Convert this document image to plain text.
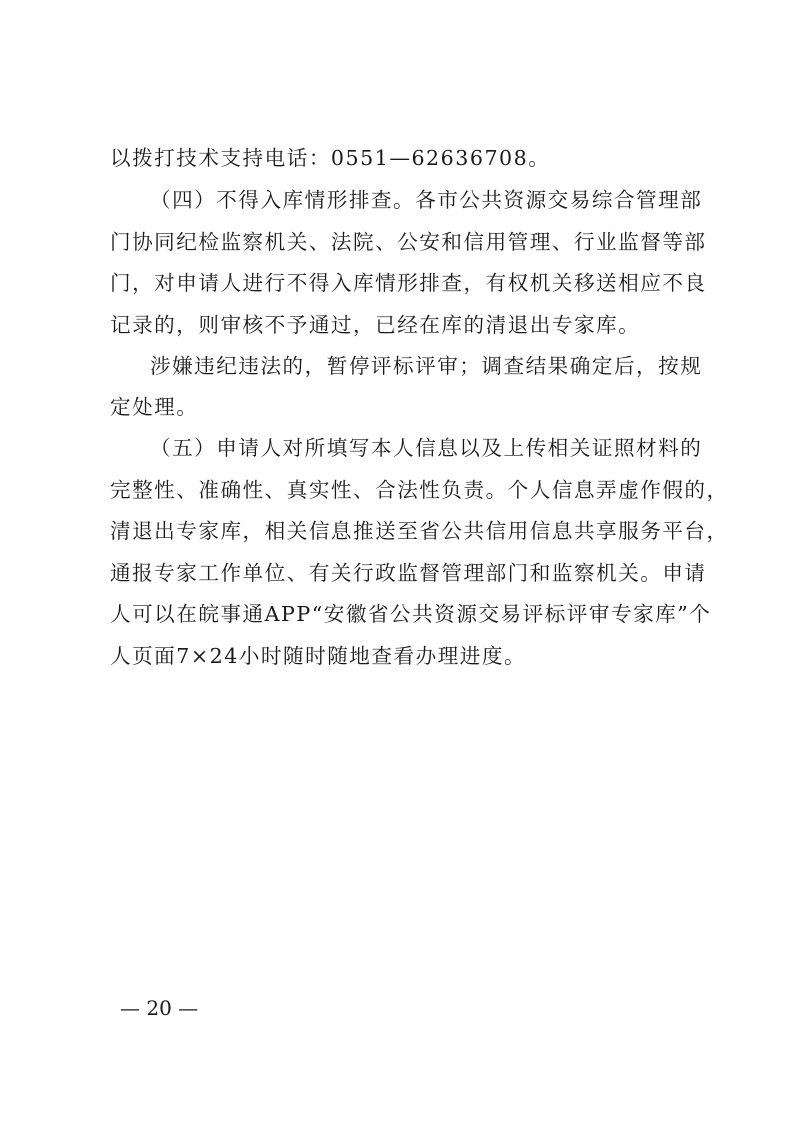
以拨打技术支持电话：0551—62636708。
（四）不得入库情形排查。各市公共资源交易综合管理部
门协同纪检监察机关、法院、公安和信用管理、行业监督等部
门，对申请人进行不得入库情形排查，有权机关移送相应不良
记录的，则审核不予通过，已经在库的清退出专家库。
涉嫌违纪违法的，暂停评标评审；调查结果确定后，按规
定处理。
（五）申请人对所填写本人信息以及上传相关证照材料的
完整性、准确性、真实性、合法性负责。个人信息弄虚作假的，
清退出专家库，相关信息推送至省公共信用信息共享服务平台，
通报专家工作单位、有关行政监督管理部门和监察机关。申请
人可以在皖事通APP“安徽省公共资源交易评标评审专家库”个
人页面7×24小时随时随地查看办理进度。
— 20 —
